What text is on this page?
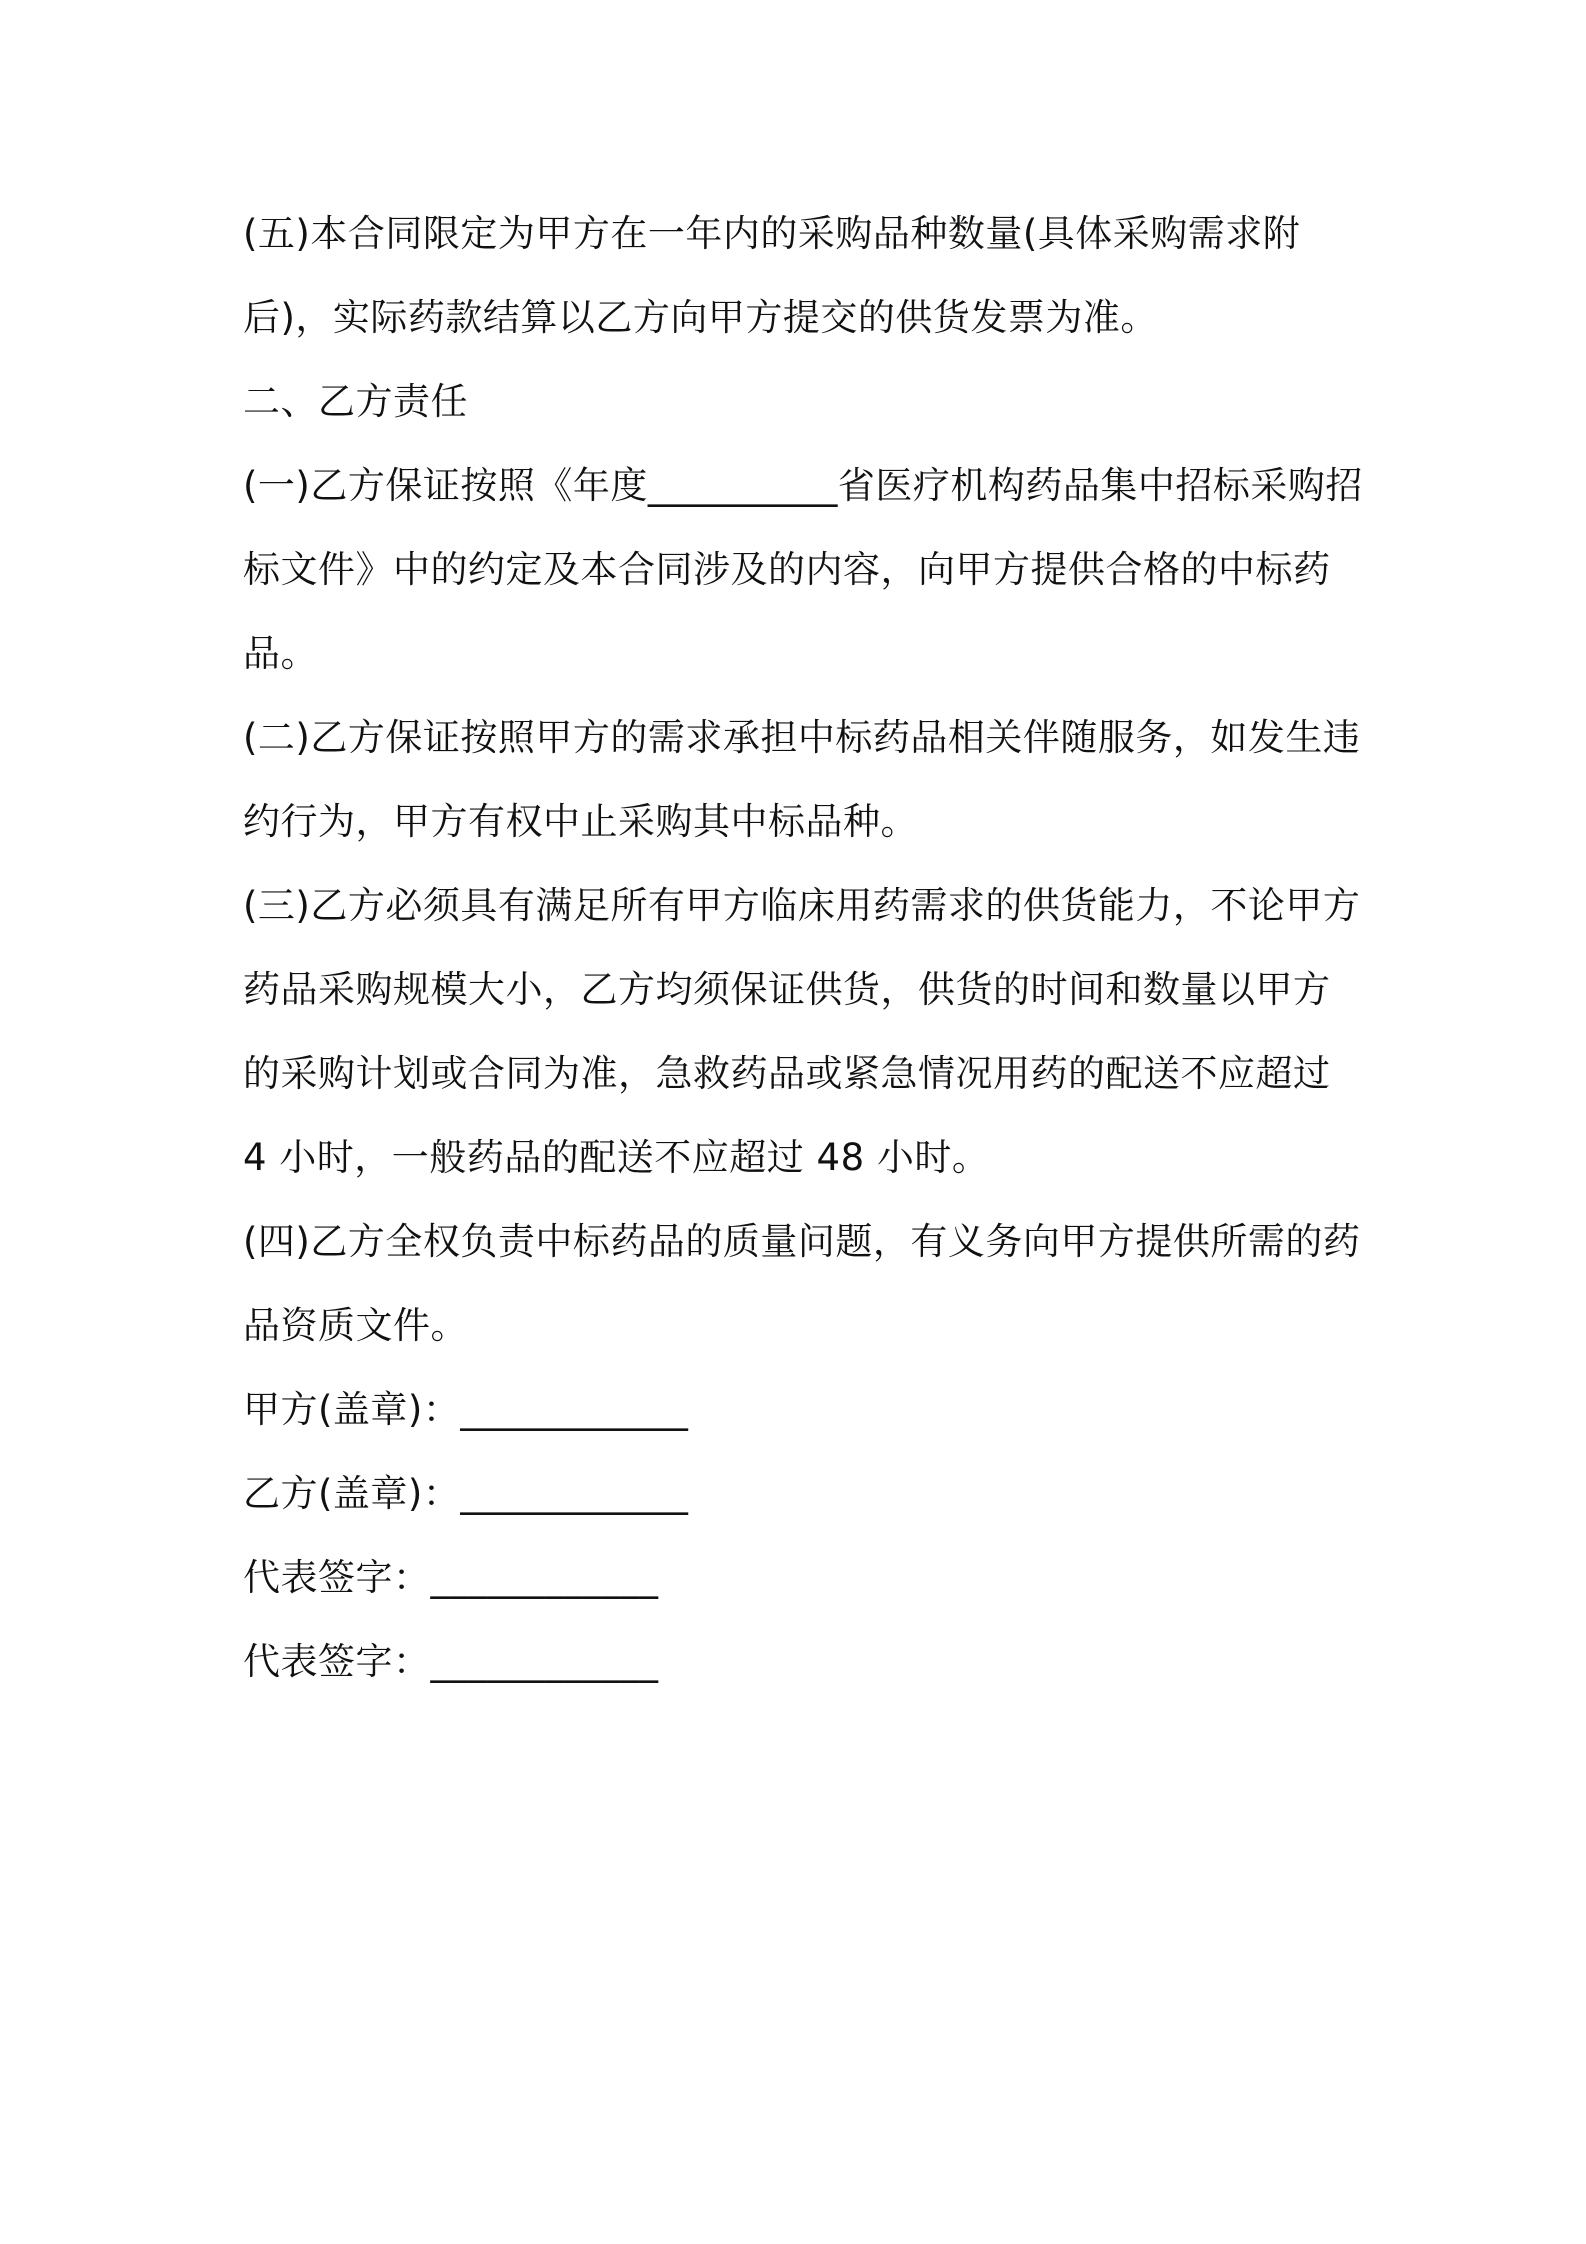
(五)本合同限定为甲方在一年内的采购品种数量(具体采购需求附后)，实际药款结算以乙方向甲方提交的供货发票为准。

二、乙方责任

(一)乙方保证按照《年度__________省医疗机构药品集中招标采购招标文件》中的约定及本合同涉及的内容，向甲方提供合格的中标药品。

(二)乙方保证按照甲方的需求承担中标药品相关伴随服务，如发生违约行为，甲方有权中止采购其中标品种。

(三)乙方必须具有满足所有甲方临床用药需求的供货能力，不论甲方药品采购规模大小，乙方均须保证供货，供货的时间和数量以甲方的采购计划或合同为准，急救药品或紧急情况用药的配送不应超过 4 小时，一般药品的配送不应超过 48 小时。

(四)乙方全权负责中标药品的质量问题，有义务向甲方提供所需的药品资质文件。

甲方(盖章)：____________

乙方(盖章)：____________

代表签字：____________

代表签字：____________
